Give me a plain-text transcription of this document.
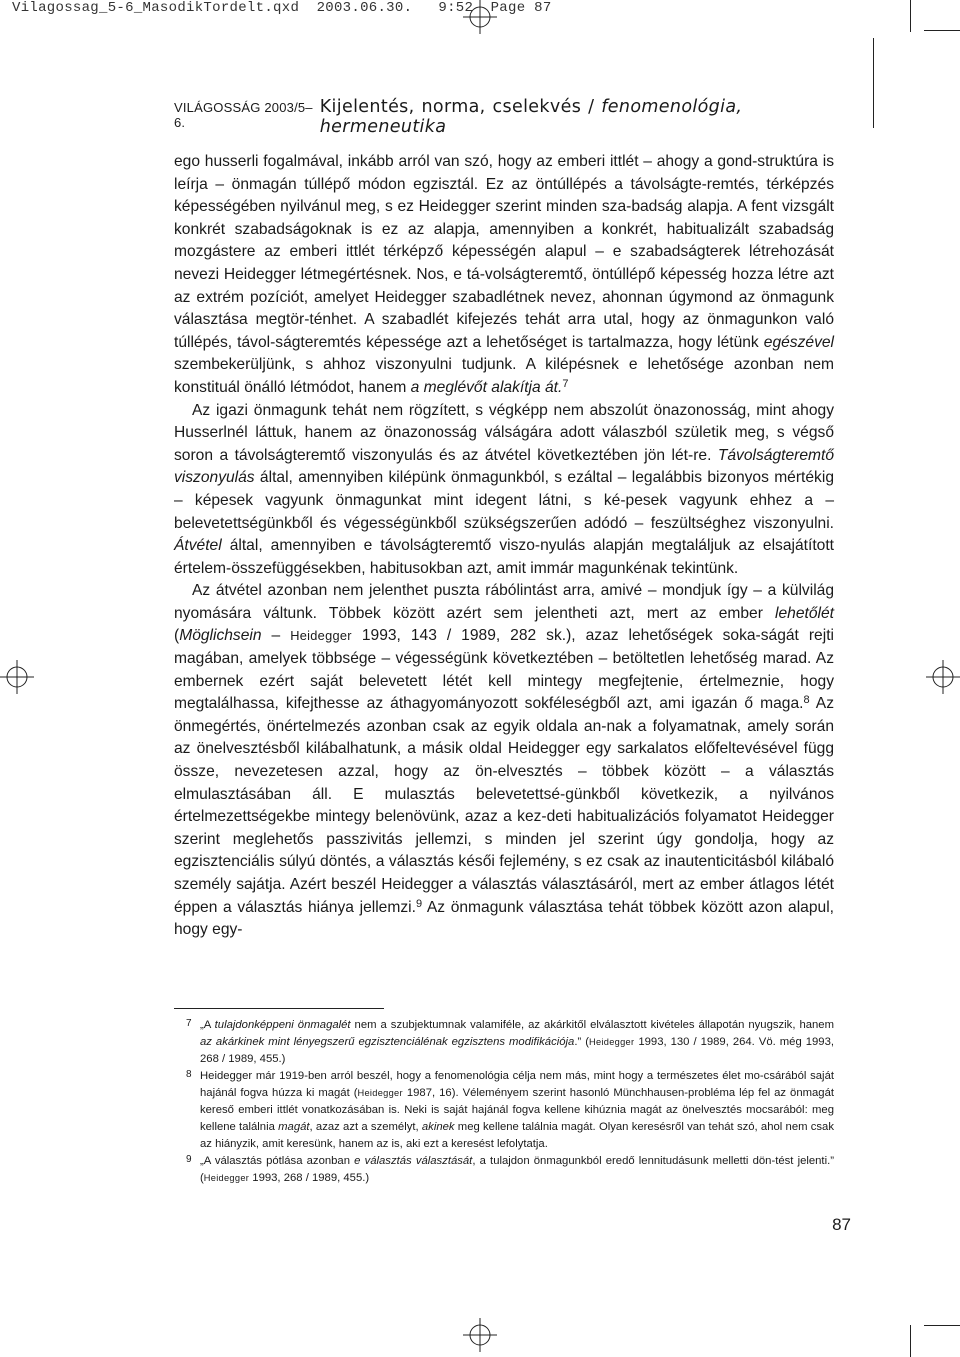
Vilagossag_5-6_MasodikTordelt.qxd 2003.06.30. 9:52 Page 87
VILÁGOSSÁG 2003/5–6.
Kijelentés, norma, cselekvés / fenomenológia, hermeneutika

ego husserli fogalmával, inkább arról van szó, hogy az emberi ittlét – ahogy a gond-struktúra is leírja – önmagán túllépő módon egzisztál. Ez az öntúllépés a távolságte-remtés, térképzés képességében nyilvánul meg, s ez Heidegger szerint minden sza-badság alapja. A fent vizsgált konkrét szabadságoknak is ez az alapja, amennyiben a konkrét, habitualizált szabadság mozgástere az emberi ittlét térképző képességén alapul – e szabadságterek létrehozását nevezi Heidegger létmegértésnek. Nos, e tá-volságteremtő, öntúllépő képesség hozza létre azt az extrém pozíciót, amelyet Heidegger szabadlétnek nevez, ahonnan úgymond az önmagunk választása megtör-ténhet. A szabadlét kifejezés tehát arra utal, hogy az önmagunkon való túllépés, távol-ságteremtés képessége azt a lehetőséget is tartalmazza, hogy létünk egészével szembekerüljünk, s ahhoz viszonyulni tudjunk. A kilépésnek e lehetősége azonban nem konstituál önálló létmódot, hanem a meglévőt alakítja át.$^7$

Az igazi önmagunk tehát nem rögzített, s végképp nem abszolút önazonosság, mint ahogy Husserlnél láttuk, hanem az önazonosság válságára adott válaszból születik meg, s végső soron a távolságteremtő viszonyulás és az átvétel következtében jön lét-re. Távolságteremtő viszonyulás által, amennyiben kilépünk önmagunkból, s ezáltal – legalábbis bizonyos mértékig – képesek vagyunk önmagunkat mint idegent látni, s ké-pesek vagyunk ehhez a –belevetettségünkből és végességünkből szükségszerűen adódó – feszültséghez viszonyulni. Átvétel által, amennyiben e távolságteremtő viszo-nyulás alapján megtaláljuk az elsajátított értelem-összefüggésekben, habitusokban azt, amit immár magunkénak tekintünk.

Az átvétel azonban nem jelenthet puszta rábólintást arra, amivé – mondjuk így – a külvilág nyomására váltunk. Többek között azért sem jelentheti azt, mert az ember lehetőlét (Möglichsein – Heidegger 1993, 143 / 1989, 282 sk.), azaz lehetőségek soka-ságát rejti magában, amelyek többsége – végességünk következtében – betöltetlen lehetőség marad. Az embernek ezért saját belevetett létét kell mintegy megfejtenie, értelmeznie, hogy megtalálhassa, kifejthesse az áthagyományozott sokféleségből azt, ami igazán ő maga.$^8$ Az önmegértés, önértelmezés azonban csak az egyik oldala an-nak a folyamatnak, amely során az önelvesztésből kilábalhatunk, a másik oldal Heidegger egy sarkalatos előfeltevésével függ össze, nevezetesen azzal, hogy az ön-elvesztés – többek között – a választás elmulasztásában áll. E mulasztás belevetettsé-günkből következik, a nyilvános értelmezettségekbe mintegy belenövünk, azaz a kez-deti habitualizációs folyamatot Heidegger szerint meglehetős passzivitás jellemzi, s minden jel szerint úgy gondolja, hogy az egzisztenciális súlyú döntés, a választás késői fejlemény, s ez csak az inautenticitásból kilábaló személy sajátja. Azért beszél Heidegger a választás választásáról, mert az ember átlagos létét éppen a választás hiánya jellemzi.$^9$ Az önmagunk választása tehát többek között azon alapul, hogy egy-

7 „A tulajdonképpeni önmagalét nem a szubjektumnak valamiféle, az akárkitől elválasztott kivételes állapotán nyugszik, hanem az akárkinek mint lényegszerű egzisztenciálénak egzisztens modifikációja.” (Heidegger 1993, 130 / 1989, 264. Vö. még 1993, 268 / 1989, 455.)

8 Heidegger már 1919-ben arról beszél, hogy a fenomenológia célja nem más, mint hogy a természetes élet mo-csárából saját hajánál fogva húzza ki magát (Heidegger 1987, 16). Véleményem szerint hasonló Münchhausen-probléma lép fel az önmagát kereső emberi ittlét vonatkozásában is. Neki is saját hajánál fogva kellene kihúznia magát az önelvesztés mocsarából: meg kellene találnia magát, azaz azt a személyt, akinek meg kellene találnia magát. Olyan keresésről van tehát szó, ahol nem csak az hiányzik, amit keresünk, hanem az is, aki ezt a keresést lefolytatja.

9 „A választás pótlása azonban e választás választását, a tulajdon önmagunkból eredő lennitudásunk melletti dön-tést jelenti.” (Heidegger 1993, 268 / 1989, 455.)

87
